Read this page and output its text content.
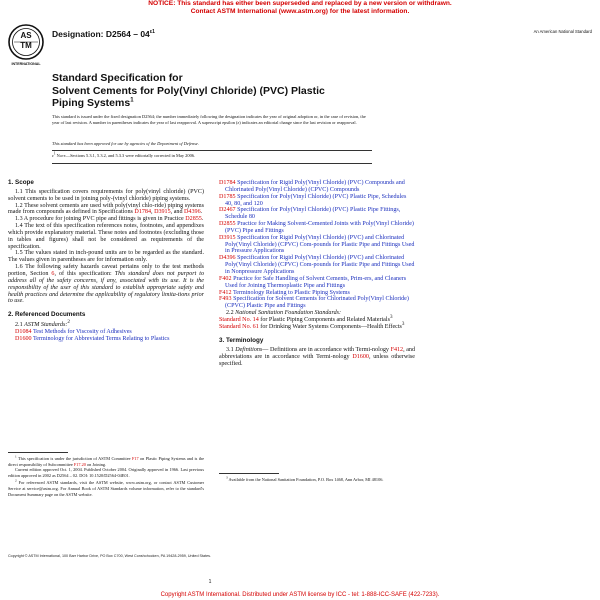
NOTICE: This standard has either been superseded and replaced by a new version or withdrawn.
Contact ASTM International (www.astm.org) for the latest information.
AS
TM
INTERNATIONAL
Designation: $D2564 - 04^{\varepsilon 1}$	An American National Standard
Standard Specification for
Solvent Cements for Poly(Vinyl Chloride) (PVC) Plastic
Piping Systems$^1$
This standard is issued under the fixed designation D2564; the number immediately following the designation indicates the year of original adoption or, in the case of revision, the year of last revision. A number in parentheses indicates the year of last reapproval. A superscript epsilon (ε) indicates an editorial change since the last revision or reapproval.
This standard has been approved for use by agencies of the Department of Defense.
$\varepsilon^1$ Note—Sections 5.3.1, 5.3.2, and 5.3.3 were editorially corrected in May 2006.

1. Scope

1.1 This specification covers requirements for poly(vinyl chloride) (PVC) solvent cements to be used in joining poly-(vinyl chloride) piping systems.

1.2 These solvent cements are used with poly(vinyl chlo-ride) piping systems made from compounds as defined in Specifications D1784, D3915, and D4396.

1.3 A procedure for joining PVC pipe and fittings is given in Practice D2855.

1.4 The text of this specification references notes, footnotes, and appendixes which provide explanatory material. These notes and footnotes (excluding those in tables and figures) shall not be considered as requirements of the specification.

1.5 The values stated in inch-pound units are to be regarded as the standard. The values given in parentheses are for information only.

1.6 The following safety hazards caveat pertains only to the test methods portion, Section 6, of this specification: This standard does not purport to address all of the safety concerns, if any, associated with its use. It is the responsibility of the user of this standard to establish appropriate safety and health practices and determine the applicability of regulatory limita-tions prior to use.

2. Referenced Documents

2.1 ASTM Standards:$^2$

D1084 Test Methods for Viscosity of Adhesives

D1600 Terminology for Abbreviated Terms Relating to Plastics

$^1$ This specification is under the jurisdiction of ASTM Committee F17 on Plastic Piping Systems and is the direct responsibility of Subcommittee F17.20 on Joining.

Current edition approved Oct. 1, 2004. Published October 2004. Originally approved in 1966. Last previous edition approved in 2002 as D2564 – 02. DOI: 10.1520/D2564-04E01.

$^2$ For referenced ASTM standards, visit the ASTM website, www.astm.org, or contact ASTM Customer Service at service@astm.org. For Annual Book of ASTM Standards volume information, refer to the standard's Document Summary page on the ASTM website.

D1784 Specification for Rigid Poly(Vinyl Chloride) (PVC) Compounds and Chlorinated Poly(Vinyl Chloride) (CPVC) Compounds

D1785 Specification for Poly(Vinyl Chloride) (PVC) Plastic Pipe, Schedules 40, 80, and 120

D2467 Specification for Poly(Vinyl Chloride) (PVC) Plastic Pipe Fittings, Schedule 80

D2855 Practice for Making Solvent-Cemented Joints with Poly(Vinyl Chloride) (PVC) Pipe and Fittings

D3915 Specification for Rigid Poly(Vinyl Chloride) (PVC) and Chlorinated Poly(Vinyl Chloride) (CPVC) Com-pounds for Plastic Pipe and Fittings Used in Pressure Applications

D4396 Specification for Rigid Poly(Vinyl Chloride) (PVC) and Chlorinated Poly(Vinyl Chloride) (CPVC) Com-pounds for Plastic Pipe and Fittings Used in Nonpressure Applications

F402 Practice for Safe Handling of Solvent Cements, Prim-ers, and Cleaners Used for Joining Thermoplastic Pipe and Fittings

F412 Terminology Relating to Plastic Piping Systems

F493 Specification for Solvent Cements for Chlorinated Poly(Vinyl Chloride) (CPVC) Plastic Pipe and Fittings

2.2 National Sanitation Foundation Standards:

Standard No. 14 for Plastic Piping Components and Related Materials$^3$

Standard No. 61 for Drinking Water Systems Components—Health Effects$^3$

3. Terminology

3.1 Definitions— Definitions are in accordance with Termi-nology F412, and abbreviations are in accordance with Termi-nology D1600, unless otherwise specified.

$^3$ Available from the National Sanitation Foundation, P.O. Box 1468, Ann Arbor, MI 48106.

Copyright © ASTM International, 100 Barr Harbor Drive, PO Box C700, West Conshohocken, PA 19428-2959, United States.
1
Copyright ASTM International. Distributed under ASTM license by ICC - tel: 1-888-ICC-SAFE (422-7233).
